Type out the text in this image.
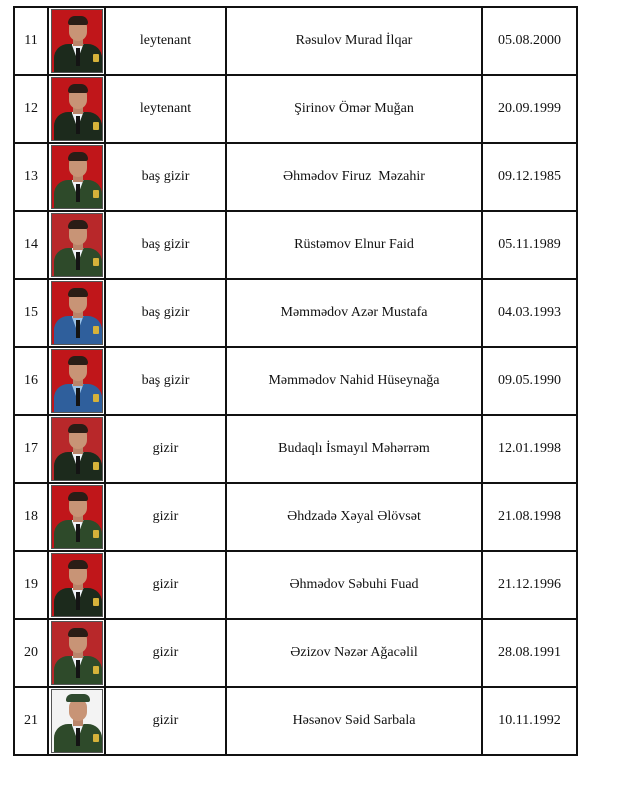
11		leytenant	Rəsulov Murad İlqar	05.08.2000
12		leytenant	Şirinov Ömər Muğan	20.09.1999
13		baş gizir	Əhmədov Firuz  Məzahir	09.12.1985
14		baş gizir	Rüstəmov Elnur Faid	05.11.1989
15		baş gizir	Məmmədov Azər Mustafa	04.03.1993
16		baş gizir	Məmmədov Nahid Hüseynağa	09.05.1990
17		gizir	Budaqlı İsmayıl Məhərrəm	12.01.1998
18		gizir	Əhdzadə Xəyal Əlövsət	21.08.1998
19		gizir	Əhmədov Səbuhi Fuad	21.12.1996
20		gizir	Əzizov Nəzər Ağacəlil	28.08.1991
21		gizir	Həsənov Səid Sarbala	10.11.1992
